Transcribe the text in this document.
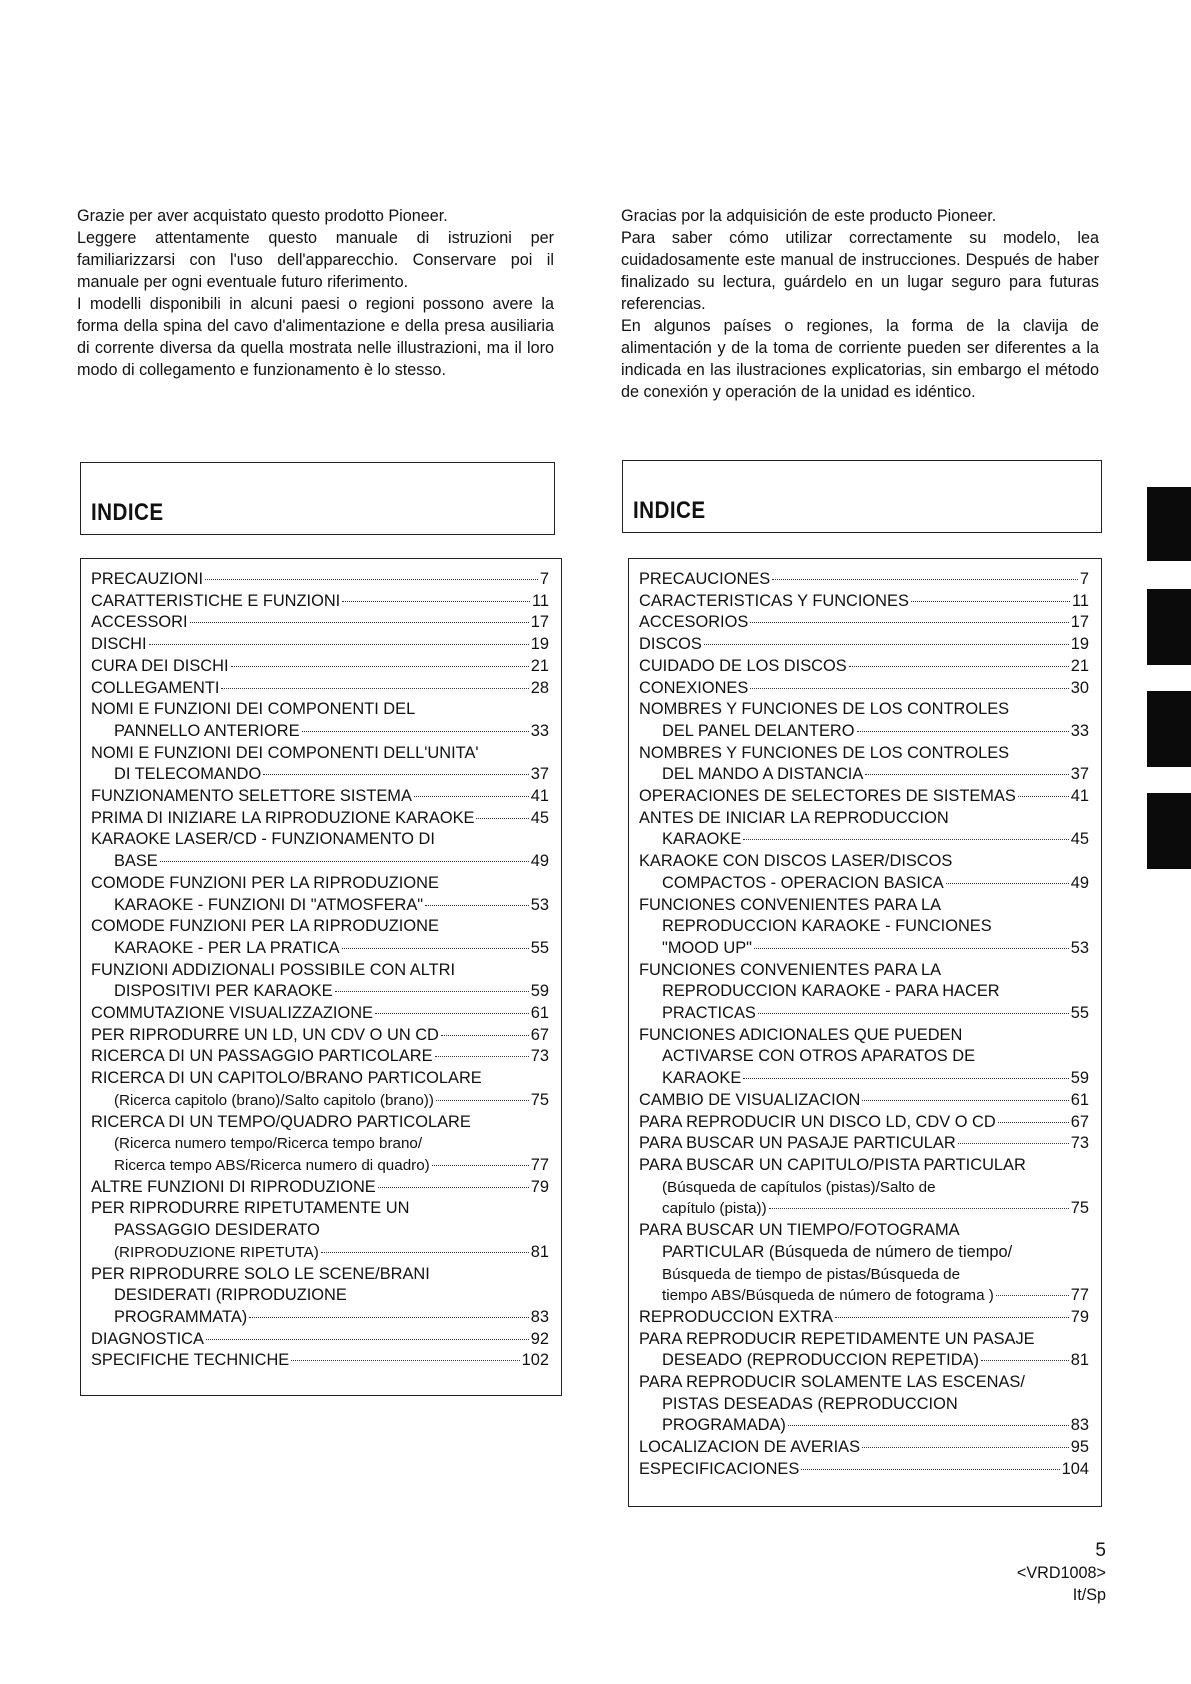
Grazie per aver acquistato questo prodotto Pioneer.

Leggere attentamente questo manuale di istruzioni per familiarizzarsi con l'uso dell'apparecchio. Conservare poi il manuale per ogni eventuale futuro riferimento.

I modelli disponibili in alcuni paesi o regioni possono avere la forma della spina del cavo d'alimentazione e della presa ausiliaria di corrente diversa da quella mostrata nelle illustrazioni, ma il loro modo di collegamento e funzionamento è lo stesso.

INDICE
PRECAUZIONI	7
CARATTERISTICHE E FUNZIONI	11
ACCESSORI	17
DISCHI	19
CURA DEI DISCHI	21
COLLEGAMENTI	28
NOMI E FUNZIONI DEI COMPONENTI DEL
PANNELLO ANTERIORE	33
NOMI E FUNZIONI DEI COMPONENTI DELL'UNITA'
DI TELECOMANDO	37
FUNZIONAMENTO SELETTORE SISTEMA	41
PRIMA DI INIZIARE LA RIPRODUZIONE KARAOKE	45
KARAOKE LASER/CD - FUNZIONAMENTO DI
BASE	49
COMODE FUNZIONI PER LA RIPRODUZIONE
KARAOKE - FUNZIONI DI "ATMOSFERA"	53
COMODE FUNZIONI PER LA RIPRODUZIONE
KARAOKE - PER LA PRATICA	55
FUNZIONI ADDIZIONALI POSSIBILE CON ALTRI
DISPOSITIVI PER KARAOKE	59
COMMUTAZIONE VISUALIZZAZIONE	61
PER RIPRODURRE UN LD, UN CDV O UN CD	67
RICERCA DI UN PASSAGGIO PARTICOLARE	73
RICERCA DI UN CAPITOLO/BRANO PARTICOLARE
(Ricerca capitolo (brano)/Salto capitolo (brano))	75
RICERCA DI UN TEMPO/QUADRO PARTICOLARE
(Ricerca numero tempo/Ricerca tempo brano/
Ricerca tempo ABS/Ricerca numero di quadro)	77
ALTRE FUNZIONI DI RIPRODUZIONE	79
PER RIPRODURRE RIPETUTAMENTE UN
PASSAGGIO DESIDERATO
(RIPRODUZIONE RIPETUTA)	81
PER RIPRODURRE SOLO LE SCENE/BRANI
DESIDERATI (RIPRODUZIONE
PROGRAMMATA)	83
DIAGNOSTICA	92
SPECIFICHE TECHNICHE	102

Gracias por la adquisición de este producto Pioneer.

Para saber cómo utilizar correctamente su modelo, lea cuidadosamente este manual de instrucciones. Después de haber finalizado su lectura, guárdelo en un lugar seguro para futuras referencias.

En algunos países o regiones, la forma de la clavija de alimentación y de la toma de corriente pueden ser diferentes a la indicada en las ilustraciones explicatorias, sin embargo el método de conexión y operación de la unidad es idéntico.

INDICE
PRECAUCIONES	7
CARACTERISTICAS Y FUNCIONES	11
ACCESORIOS	17
DISCOS	19
CUIDADO DE LOS DISCOS	21
CONEXIONES	30
NOMBRES Y FUNCIONES DE LOS CONTROLES
DEL PANEL DELANTERO	33
NOMBRES Y FUNCIONES DE LOS CONTROLES
DEL MANDO A DISTANCIA	37
OPERACIONES DE SELECTORES DE SISTEMAS	41
ANTES DE INICIAR LA REPRODUCCION
KARAOKE	45
KARAOKE CON DISCOS LASER/DISCOS
COMPACTOS - OPERACION BASICA	49
FUNCIONES CONVENIENTES PARA LA
REPRODUCCION KARAOKE - FUNCIONES
"MOOD UP"	53
FUNCIONES CONVENIENTES PARA LA
REPRODUCCION KARAOKE - PARA HACER
PRACTICAS	55
FUNCIONES ADICIONALES QUE PUEDEN
ACTIVARSE CON OTROS APARATOS DE
KARAOKE	59
CAMBIO DE VISUALIZACION	61
PARA REPRODUCIR UN DISCO LD, CDV O CD	67
PARA BUSCAR UN PASAJE PARTICULAR	73
PARA BUSCAR UN CAPITULO/PISTA PARTICULAR
(Búsqueda de capítulos (pistas)/Salto de
capítulo (pista))	75
PARA BUSCAR UN TIEMPO/FOTOGRAMA
PARTICULAR (Búsqueda de número de tiempo/
Búsqueda de tiempo de pistas/Búsqueda de
tiempo ABS/Búsqueda de número de fotograma )	77
REPRODUCCION EXTRA	79
PARA REPRODUCIR REPETIDAMENTE UN PASAJE
DESEADO (REPRODUCCION REPETIDA)	81
PARA REPRODUCIR SOLAMENTE LAS ESCENAS/
PISTAS DESEADAS (REPRODUCCION
PROGRAMADA)	83
LOCALIZACION DE AVERIAS	95
ESPECIFICACIONES	104
5
<VRD1008>
It/Sp
